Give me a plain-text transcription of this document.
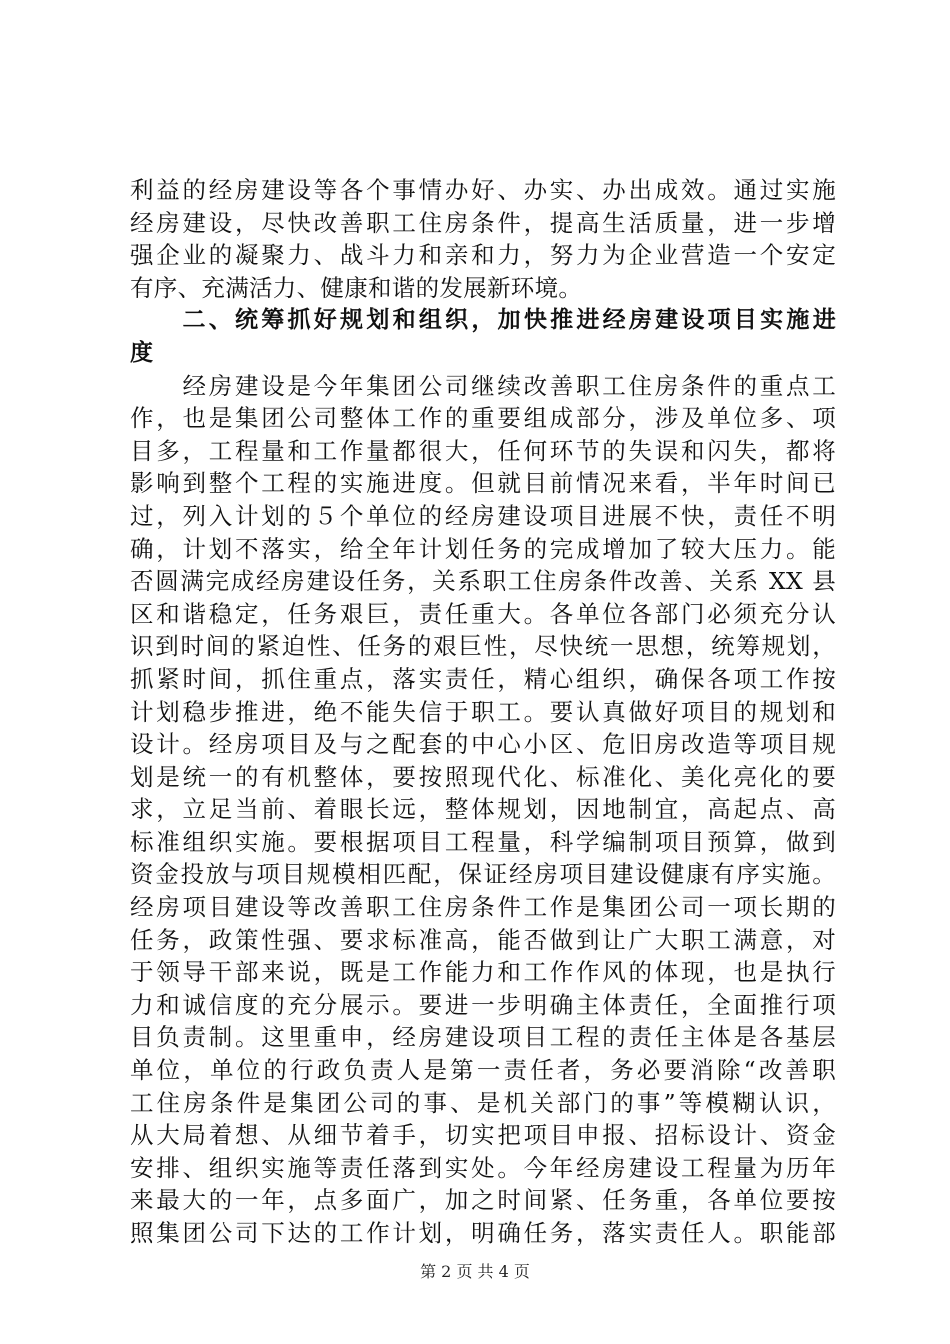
利益的经房建设等各个事情办好、办实、办出成效。通过实施
经房建设，尽快改善职工住房条件，提高生活质量，进一步增
强企业的凝聚力、战斗力和亲和力，努力为企业营造一个安定
有序、充满活力、健康和谐的发展新环境。
　　二、统筹抓好规划和组织，加快推进经房建设项目实施进
度
　　经房建设是今年集团公司继续改善职工住房条件的重点工
作，也是集团公司整体工作的重要组成部分，涉及单位多、项
目多，工程量和工作量都很大，任何环节的失误和闪失，都将
影响到整个工程的实施进度。但就目前情况来看，半年时间已
过，列入计划的５个单位的经房建设项目进展不快，责任不明
确，计划不落实，给全年计划任务的完成增加了较大压力。能
否圆满完成经房建设任务，关系职工住房条件改善、关系 XX 县
区和谐稳定，任务艰巨，责任重大。各单位各部门必须充分认
识到时间的紧迫性、任务的艰巨性，尽快统一思想，统筹规划，
抓紧时间，抓住重点，落实责任，精心组织，确保各项工作按
计划稳步推进，绝不能失信于职工。要认真做好项目的规划和
设计。经房项目及与之配套的中心小区、危旧房改造等项目规
划是统一的有机整体，要按照现代化、标准化、美化亮化的要
求，立足当前、着眼长远，整体规划，因地制宜，高起点、高
标准组织实施。要根据项目工程量，科学编制项目预算，做到
资金投放与项目规模相匹配，保证经房项目建设健康有序实施。
经房项目建设等改善职工住房条件工作是集团公司一项长期的
任务，政策性强、要求标准高，能否做到让广大职工满意，对
于领导干部来说，既是工作能力和工作作风的体现，也是执行
力和诚信度的充分展示。要进一步明确主体责任，全面推行项
目负责制。这里重申，经房建设项目工程的责任主体是各基层
单位，单位的行政负责人是第一责任者，务必要消除“改善职
工住房条件是集团公司的事、是机关部门的事”等模糊认识，
从大局着想、从细节着手，切实把项目申报、招标设计、资金
安排、组织实施等责任落到实处。今年经房建设工程量为历年
来最大的一年，点多面广，加之时间紧、任务重，各单位要按
照集团公司下达的工作计划，明确任务，落实责任人。职能部
第 2 页 共 4 页
